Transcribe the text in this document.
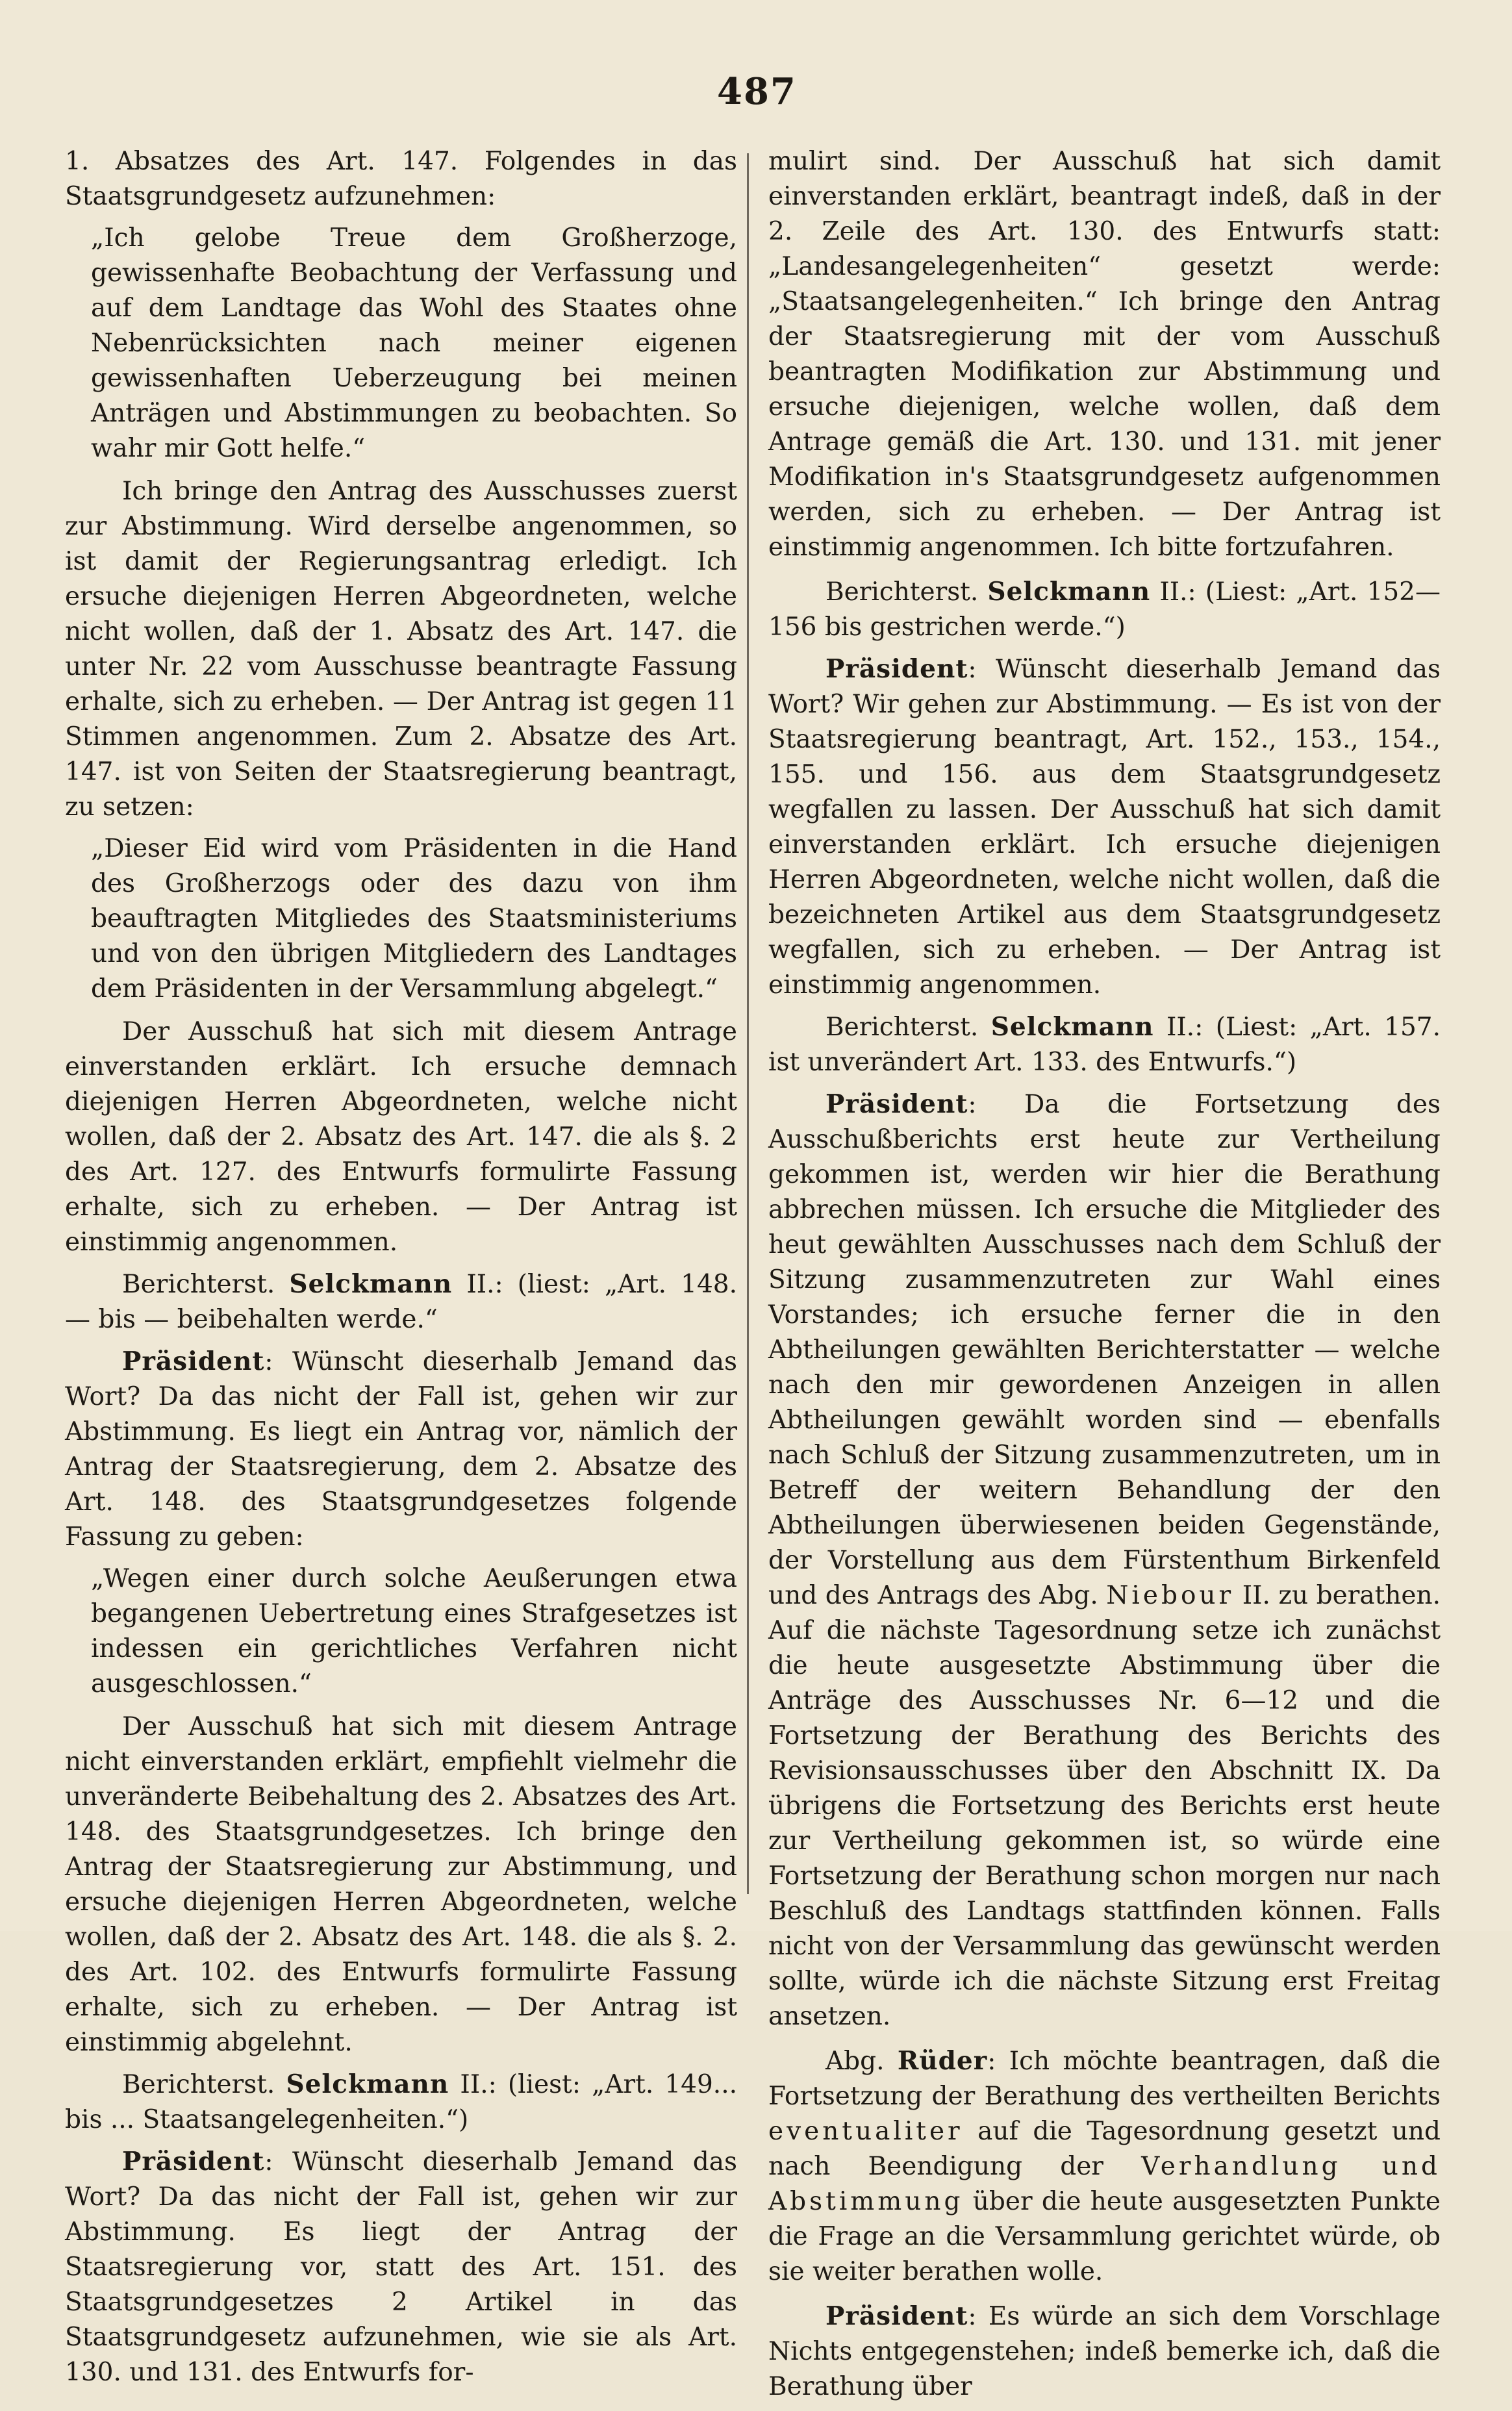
487

1. Absatzes des Art. 147. Folgendes in das Staatsgrundgesetz aufzunehmen:

„Ich gelobe Treue dem Großherzoge, gewissenhafte Beobachtung der Verfassung und auf dem Landtage das Wohl des Staates ohne Nebenrücksichten nach meiner eigenen gewissenhaften Ueberzeugung bei meinen Anträgen und Abstimmungen zu beobachten. So wahr mir Gott helfe.“

Ich bringe den Antrag des Ausschusses zuerst zur Abstimmung. Wird derselbe angenommen, so ist damit der Regierungsantrag erledigt. Ich ersuche diejenigen Herren Abgeordneten, welche nicht wollen, daß der 1. Absatz des Art. 147. die unter Nr. 22 vom Ausschusse beantragte Fassung erhalte, sich zu erheben. — Der Antrag ist gegen 11 Stimmen angenommen. Zum 2. Absatze des Art. 147. ist von Seiten der Staatsregierung beantragt, zu setzen:

„Dieser Eid wird vom Präsidenten in die Hand des Großherzogs oder des dazu von ihm beauftragten Mitgliedes des Staatsministeriums und von den übrigen Mitgliedern des Landtages dem Präsidenten in der Versammlung abgelegt.“

Der Ausschuß hat sich mit diesem Antrage einverstanden erklärt. Ich ersuche demnach diejenigen Herren Abgeordneten, welche nicht wollen, daß der 2. Absatz des Art. 147. die als §. 2 des Art. 127. des Entwurfs formulirte Fassung erhalte, sich zu erheben. — Der Antrag ist einstimmig angenommen.

Berichterst. Selckmann II.: (liest: „Art. 148. — bis — beibehalten werde.“

Präsident: Wünscht dieserhalb Jemand das Wort? Da das nicht der Fall ist, gehen wir zur Abstimmung. Es liegt ein Antrag vor, nämlich der Antrag der Staatsregierung, dem 2. Absatze des Art. 148. des Staatsgrundgesetzes folgende Fassung zu geben:

„Wegen einer durch solche Aeußerungen etwa begangenen Uebertretung eines Strafgesetzes ist indessen ein gerichtliches Verfahren nicht ausgeschlossen.“

Der Ausschuß hat sich mit diesem Antrage nicht einverstanden erklärt, empfiehlt vielmehr die unveränderte Beibehaltung des 2. Absatzes des Art. 148. des Staatsgrundgesetzes. Ich bringe den Antrag der Staatsregierung zur Abstimmung, und ersuche diejenigen Herren Abgeordneten, welche wollen, daß der 2. Absatz des Art. 148. die als §. 2. des Art. 102. des Entwurfs formulirte Fassung erhalte, sich zu erheben. — Der Antrag ist einstimmig abgelehnt.

Berichterst. Selckmann II.: (liest: „Art. 149... bis ... Staatsangelegenheiten.“)

Präsident: Wünscht dieserhalb Jemand das Wort? Da das nicht der Fall ist, gehen wir zur Abstimmung. Es liegt der Antrag der Staatsregierung vor, statt des Art. 151. des Staatsgrundgesetzes 2 Artikel in das Staatsgrundgesetz aufzunehmen, wie sie als Art. 130. und 131. des Entwurfs for-

mulirt sind. Der Ausschuß hat sich damit einverstanden erklärt, beantragt indeß, daß in der 2. Zeile des Art. 130. des Entwurfs statt: „Landesangelegenheiten“ gesetzt werde: „Staatsangelegenheiten.“ Ich bringe den Antrag der Staatsregierung mit der vom Ausschuß beantragten Modifikation zur Abstimmung und ersuche diejenigen, welche wollen, daß dem Antrage gemäß die Art. 130. und 131. mit jener Modifikation in's Staatsgrundgesetz aufgenommen werden, sich zu erheben. — Der Antrag ist einstimmig angenommen. Ich bitte fortzufahren.

Berichterst. Selckmann II.: (Liest: „Art. 152—156 bis gestrichen werde.“)

Präsident: Wünscht dieserhalb Jemand das Wort? Wir gehen zur Abstimmung. — Es ist von der Staatsregierung beantragt, Art. 152., 153., 154., 155. und 156. aus dem Staatsgrundgesetz wegfallen zu lassen. Der Ausschuß hat sich damit einverstanden erklärt. Ich ersuche diejenigen Herren Abgeordneten, welche nicht wollen, daß die bezeichneten Artikel aus dem Staatsgrundgesetz wegfallen, sich zu erheben. — Der Antrag ist einstimmig angenommen.

Berichterst. Selckmann II.: (Liest: „Art. 157. ist unverändert Art. 133. des Entwurfs.“)

Präsident: Da die Fortsetzung des Ausschußberichts erst heute zur Vertheilung gekommen ist, werden wir hier die Berathung abbrechen müssen. Ich ersuche die Mitglieder des heut gewählten Ausschusses nach dem Schluß der Sitzung zusammenzutreten zur Wahl eines Vorstandes; ich ersuche ferner die in den Abtheilungen gewählten Berichterstatter — welche nach den mir gewordenen Anzeigen in allen Abtheilungen gewählt worden sind — ebenfalls nach Schluß der Sitzung zusammenzutreten, um in Betreff der weitern Behandlung der den Abtheilungen überwiesenen beiden Gegenstände, der Vorstellung aus dem Fürstenthum Birkenfeld und des Antrags des Abg. Niebour II. zu berathen. Auf die nächste Tagesordnung setze ich zunächst die heute ausgesetzte Abstimmung über die Anträge des Ausschusses Nr. 6—12 und die Fortsetzung der Berathung des Berichts des Revisionsausschusses über den Abschnitt IX. Da übrigens die Fortsetzung des Berichts erst heute zur Vertheilung gekommen ist, so würde eine Fortsetzung der Berathung schon morgen nur nach Beschluß des Landtags stattfinden können. Falls nicht von der Versammlung das gewünscht werden sollte, würde ich die nächste Sitzung erst Freitag ansetzen.

Abg. Rüder: Ich möchte beantragen, daß die Fortsetzung der Berathung des vertheilten Berichts eventualiter auf die Tagesordnung gesetzt und nach Beendigung der Verhandlung und Abstimmung über die heute ausgesetzten Punkte die Frage an die Versammlung gerichtet würde, ob sie weiter berathen wolle.

Präsident: Es würde an sich dem Vorschlage Nichts entgegenstehen; indeß bemerke ich, daß die Berathung über
